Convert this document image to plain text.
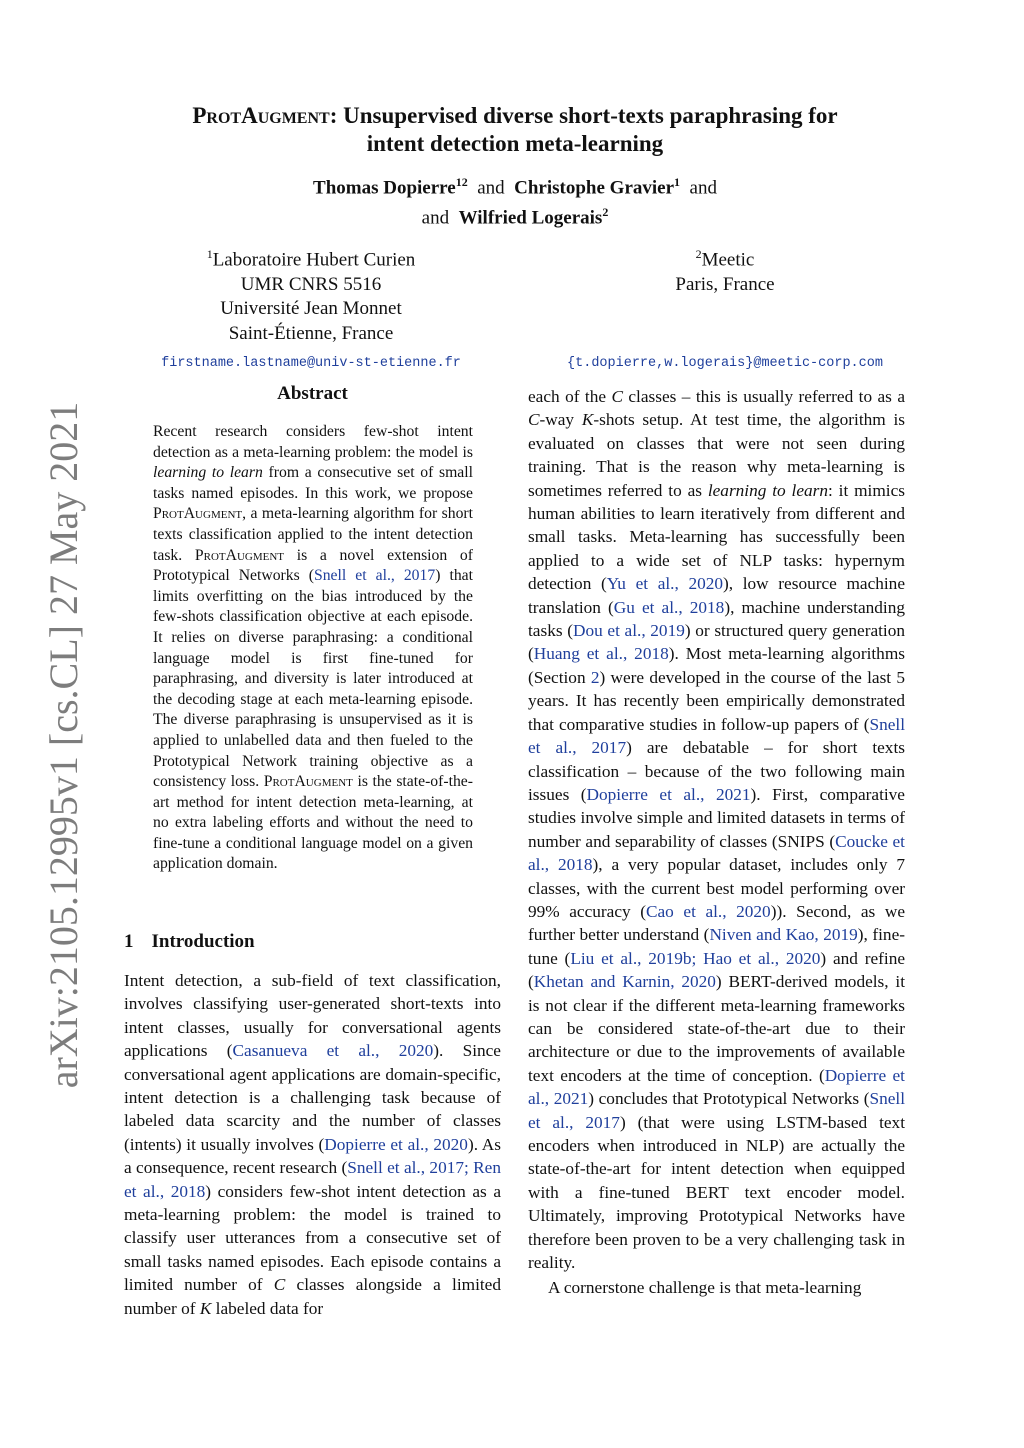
arXiv:2105.12995v1 [cs.CL] 27 May 2021
ProtAugment: Unsupervised diverse short-texts paraphrasing for
intent detection meta-learning
Thomas Dopierre$^{12}$ and Christophe Gravier$^1$ and
and Wilfried Logerais$^2$
$^1$Laboratoire Hubert Curien
UMR CNRS 5516
Université Jean Monnet
Saint-Étienne, France
firstname.lastname@univ-st-etienne.fr
$^2$Meetic
Paris, France

{t.dopierre,w.logerais}@meetic-corp.com
Abstract
Recent research considers few-shot intent detection as a meta-learning problem: the model is learning to learn from a consecutive set of small tasks named episodes. In this work, we propose ProtAugment, a meta-learning algorithm for short texts classification applied to the intent detection task. ProtAugment is a novel extension of Prototypical Networks (Snell et al., 2017) that limits overfitting on the bias introduced by the few-shots classification objective at each episode. It relies on diverse paraphrasing: a conditional language model is first fine-tuned for paraphrasing, and diversity is later introduced at the decoding stage at each meta-learning episode. The diverse paraphrasing is unsupervised as it is applied to unlabelled data and then fueled to the Prototypical Network training objective as a consistency loss. ProtAugment is the state-of-the-art method for intent detection meta-learning, at no extra labeling efforts and without the need to fine-tune a conditional language model on a given application domain.
1 Introduction

Intent detection, a sub-field of text classification, involves classifying user-generated short-texts into intent classes, usually for conversational agents applications (Casanueva et al., 2020). Since conversational agent applications are domain-specific, intent detection is a challenging task because of labeled data scarcity and the number of classes (intents) it usually involves (Dopierre et al., 2020). As a consequence, recent research (Snell et al., 2017; Ren et al., 2018) considers few-shot intent detection as a meta-learning problem: the model is trained to classify user utterances from a consecutive set of small tasks named episodes. Each episode contains a limited number of C classes alongside a limited number of K labeled data for

each of the C classes – this is usually referred to as a C-way K-shots setup. At test time, the algorithm is evaluated on classes that were not seen during training. That is the reason why meta-learning is sometimes referred to as learning to learn: it mimics human abilities to learn iteratively from different and small tasks. Meta-learning has successfully been applied to a wide set of NLP tasks: hypernym detection (Yu et al., 2020), low resource machine translation (Gu et al., 2018), machine understanding tasks (Dou et al., 2019) or structured query generation (Huang et al., 2018). Most meta-learning algorithms (Section 2) were developed in the course of the last 5 years. It has recently been empirically demonstrated that comparative studies in follow-up papers of (Snell et al., 2017) are debatable – for short texts classification – because of the two following main issues (Dopierre et al., 2021). First, comparative studies involve simple and limited datasets in terms of number and separability of classes (SNIPS (Coucke et al., 2018), a very popular dataset, includes only 7 classes, with the current best model performing over 99% accuracy (Cao et al., 2020)). Second, as we further better understand (Niven and Kao, 2019), fine-tune (Liu et al., 2019b; Hao et al., 2020) and refine (Khetan and Karnin, 2020) BERT-derived models, it is not clear if the different meta-learning frameworks can be considered state-of-the-art due to their architecture or due to the improvements of available text encoders at the time of conception. (Dopierre et al., 2021) concludes that Prototypical Networks (Snell et al., 2017) (that were using LSTM-based text encoders when introduced in NLP) are actually the state-of-the-art for intent detection when equipped with a fine-tuned BERT text encoder model. Ultimately, improving Prototypical Networks have therefore been proven to be a very challenging task in reality.

A cornerstone challenge is that meta-learning
